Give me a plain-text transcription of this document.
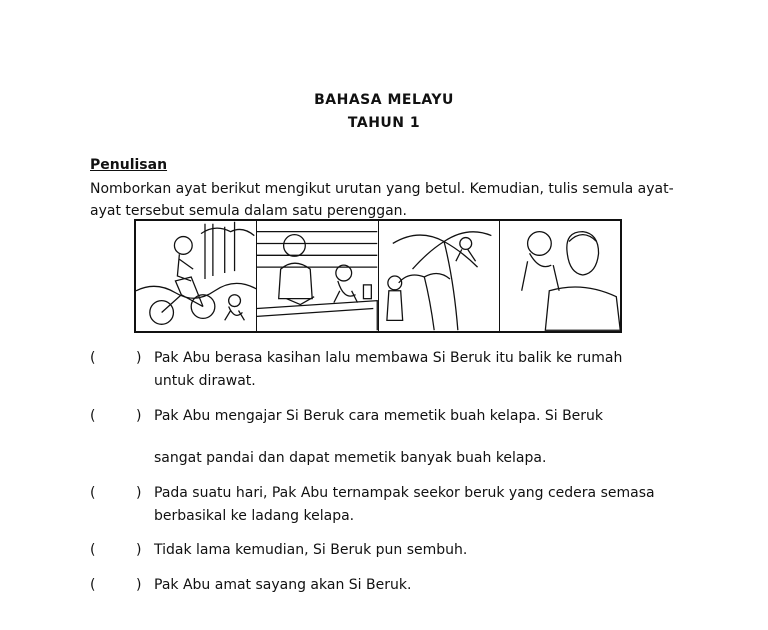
BAHASA MELAYU
TAHUN 1
Penulisan
Nomborkan ayat berikut mengikut urutan yang betul. Kemudian, tulis semula ayat-
ayat tersebut semula dalam satu perenggan.
(	) Pak Abu berasa kasihan lalu membawa Si Beruk itu balik ke rumah
untuk dirawat.
(	) Pak Abu mengajar Si Beruk cara memetik buah kelapa. Si Beruk
sangat pandai dan dapat memetik banyak buah kelapa.
(	) Pada suatu hari, Pak Abu ternampak seekor beruk yang cedera semasa
berbasikal ke ladang kelapa.
(	) Tidak lama kemudian, Si Beruk pun sembuh.
(	) Pak Abu amat sayang akan Si Beruk.
